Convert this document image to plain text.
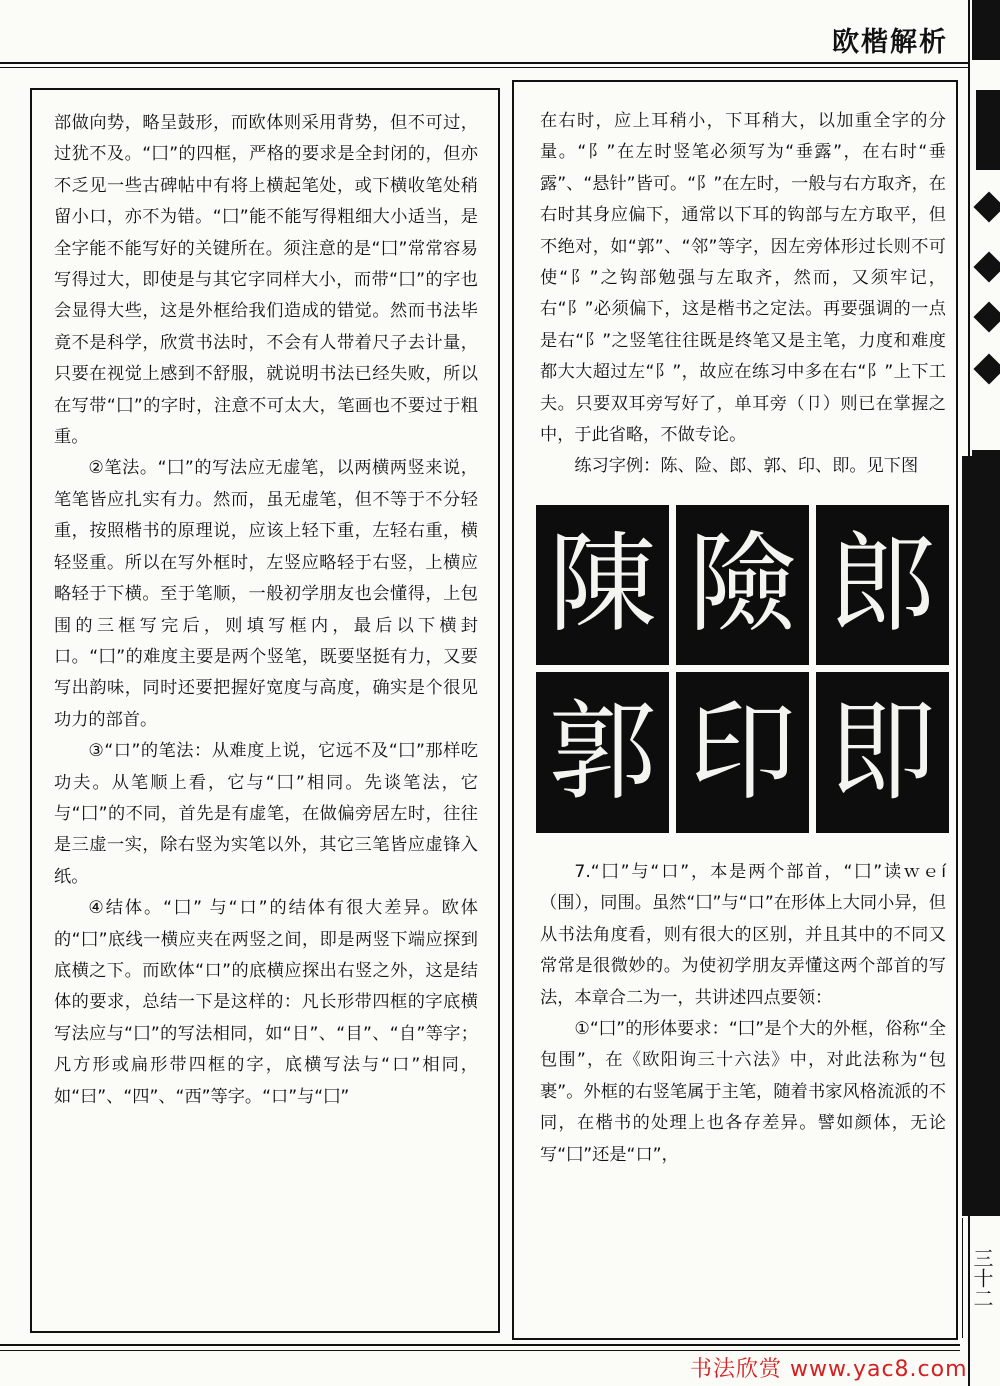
欧楷解析

部做向势，略呈鼓形，而欧体则采用背势，但不可过，过犹不及。“囗”的四框，严格的要求是全封闭的，但亦不乏见一些古碑帖中有将上横起笔处，或下横收笔处稍留小口，亦不为错。“囗”能不能写得粗细大小适当，是全字能不能写好的关键所在。须注意的是“囗”常常容易写得过大，即使是与其它字同样大小，而带“囗”的字也会显得大些，这是外框给我们造成的错觉。然而书法毕竟不是科学，欣赏书法时，不会有人带着尺子去计量，只要在视觉上感到不舒服，就说明书法已经失败，所以在写带“囗”的字时，注意不可太大，笔画也不要过于粗重。

②笔法。“囗”的写法应无虚笔，以两横两竖来说，笔笔皆应扎实有力。然而，虽无虚笔，但不等于不分轻重，按照楷书的原理说，应该上轻下重，左轻右重，横轻竖重。所以在写外框时，左竖应略轻于右竖，上横应略轻于下横。至于笔顺，一般初学朋友也会懂得，上包围的三框写完后，则填写框内，最后以下横封口。“囗”的难度主要是两个竖笔，既要坚挺有力，又要写出韵味，同时还要把握好宽度与高度，确实是个很见功力的部首。

③“口”的笔法：从难度上说，它远不及“囗”那样吃功夫。从笔顺上看，它与“囗”相同。先谈笔法，它与“囗”的不同，首先是有虚笔，在做偏旁居左时，往往是三虚一实，除右竖为实笔以外，其它三笔皆应虚锋入纸。

④结体。“囗” 与“口”的结体有很大差异。欧体的“囗”底线一横应夹在两竖之间，即是两竖下端应探到底横之下。而欧体“口”的底横应探出右竖之外，这是结体的要求，总结一下是这样的：凡长形带四框的字底横写法应与“囗”的写法相同，如“日”、“目”、“自”等字；凡方形或扁形带四框的字，底横写法与“口”相同，如“曰”、“四”、“西”等字。“口”与“囗”

在右时，应上耳稍小，下耳稍大，以加重全字的分量。“阝”在左时竖笔必须写为“垂露”，在右时“垂露”、“悬针”皆可。“阝”在左时，一般与右方取齐，在右时其身应偏下，通常以下耳的钩部与左方取平，但不绝对，如“郭”、“邻”等字，因左旁体形过长则不可使“阝”之钩部勉强与左取齐，然而，又须牢记，右“阝”必须偏下，这是楷书之定法。再要强调的一点是右“阝”之竖笔往往既是终笔又是主笔，力度和难度都大大超过左“阝”，故应在练习中多在右“阝”上下工夫。只要双耳旁写好了，单耳旁（卩）则已在掌握之中，于此省略，不做专论。

练习字例：陈、险、郎、郭、印、即。见下图

陳 險 郎
郭 印 即

7.“囗”与“口”，本是两个部首，“囗”读ｗｅí（围），同围。虽然“囗”与“口”在形体上大同小异，但从书法角度看，则有很大的区别，并且其中的不同又常常是很微妙的。为使初学朋友弄懂这两个部首的写法，本章合二为一，共讲述四点要领：

①“囗”的形体要求：“囗”是个大的外框，俗称“全包围”，在《欧阳询三十六法》中，对此法称为“包裹”。外框的右竖笔属于主笔，随着书家风格流派的不同，在楷书的处理上也各存差异。譬如颜体，无论写“囗”还是“口”，

三十二
书法欣赏 www.yac8.com
